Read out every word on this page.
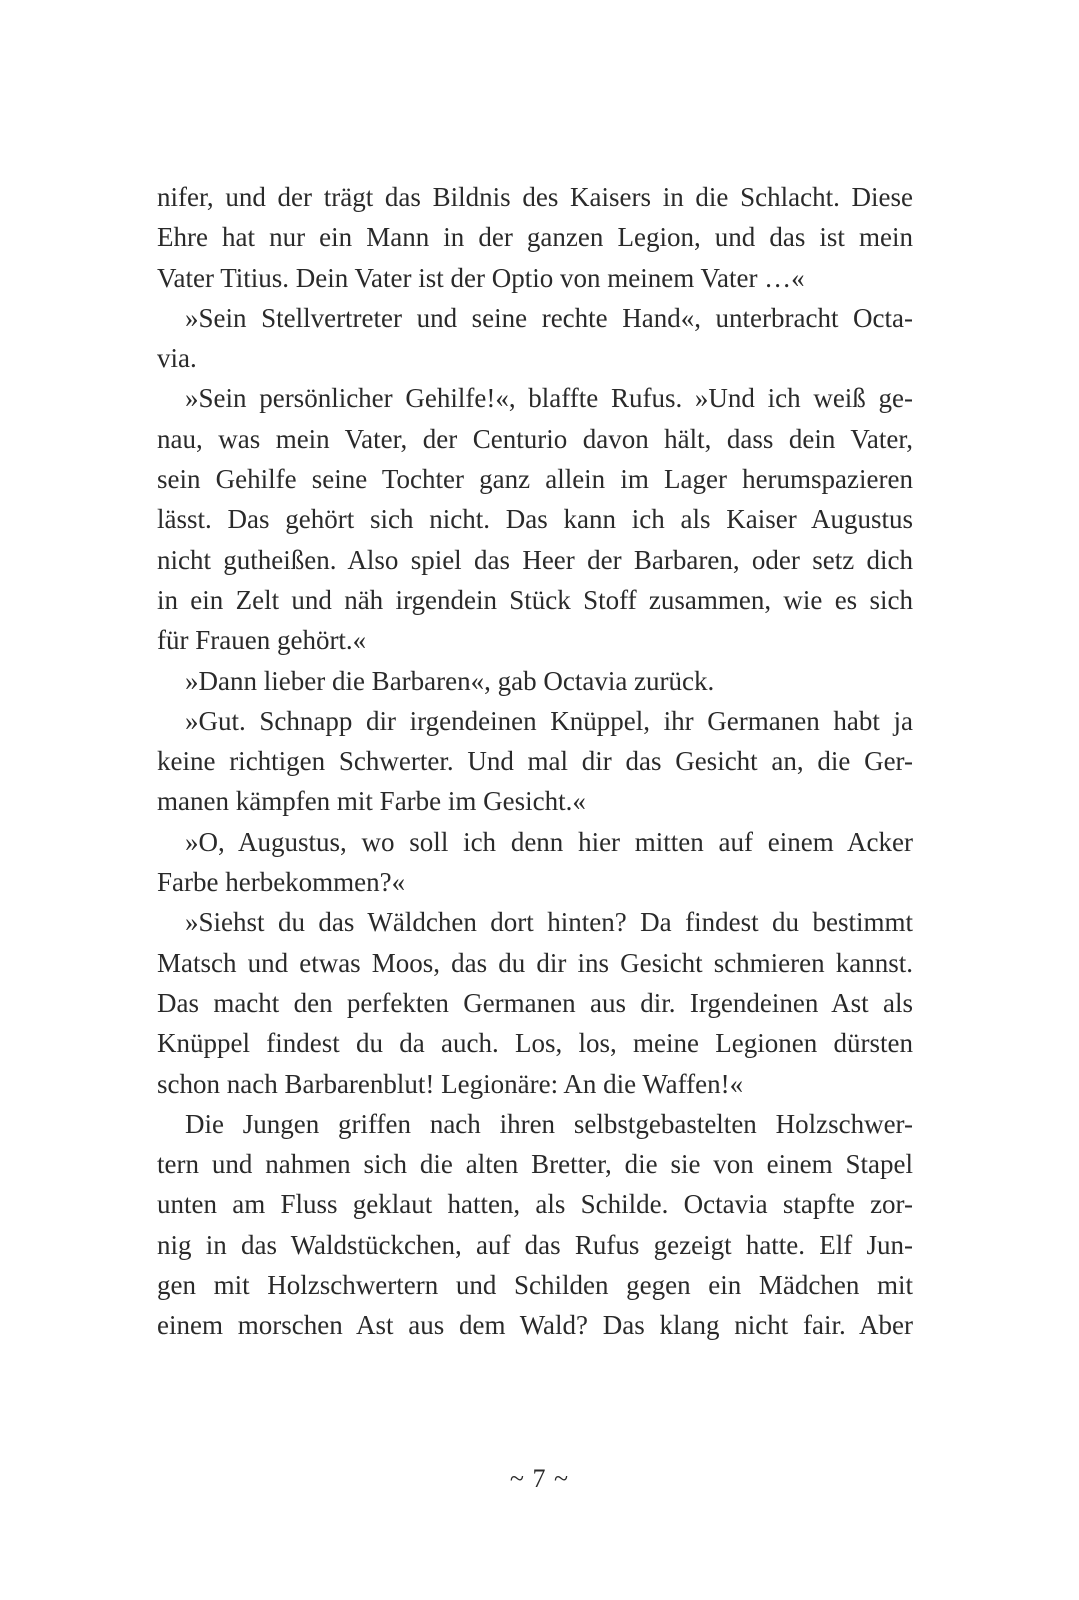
nifer, und der trägt das Bildnis des Kaisers in die Schlacht. Diese
Ehre hat nur ein Mann in der ganzen Legion, und das ist mein
Vater Titius. Dein Vater ist der Optio von meinem Vater …«
»Sein Stellvertreter und seine rechte Hand«, unterbracht Octa-
via.
»Sein persönlicher Gehilfe!«, blaffte Rufus. »Und ich weiß ge-
nau, was mein Vater, der Centurio davon hält, dass dein Vater,
sein Gehilfe seine Tochter ganz allein im Lager herumspazieren
lässt. Das gehört sich nicht. Das kann ich als Kaiser Augustus
nicht gutheißen. Also spiel das Heer der Barbaren, oder setz dich
in ein Zelt und näh irgendein Stück Stoff zusammen, wie es sich
für Frauen gehört.«
»Dann lieber die Barbaren«, gab Octavia zurück.
»Gut. Schnapp dir irgendeinen Knüppel, ihr Germanen habt ja
keine richtigen Schwerter. Und mal dir das Gesicht an, die Ger-
manen kämpfen mit Farbe im Gesicht.«
»O, Augustus, wo soll ich denn hier mitten auf einem Acker
Farbe herbekommen?«
»Siehst du das Wäldchen dort hinten? Da findest du bestimmt
Matsch und etwas Moos, das du dir ins Gesicht schmieren kannst.
Das macht den perfekten Germanen aus dir. Irgendeinen Ast als
Knüppel findest du da auch. Los, los, meine Legionen dürsten
schon nach Barbarenblut! Legionäre: An die Waffen!«
Die Jungen griffen nach ihren selbstgebastelten Holzschwer-
tern und nahmen sich die alten Bretter, die sie von einem Stapel
unten am Fluss geklaut hatten, als Schilde. Octavia stapfte zor-
nig in das Waldstückchen, auf das Rufus gezeigt hatte. Elf Jun-
gen mit Holzschwertern und Schilden gegen ein Mädchen mit
einem morschen Ast aus dem Wald? Das klang nicht fair. Aber
~ 7 ~
